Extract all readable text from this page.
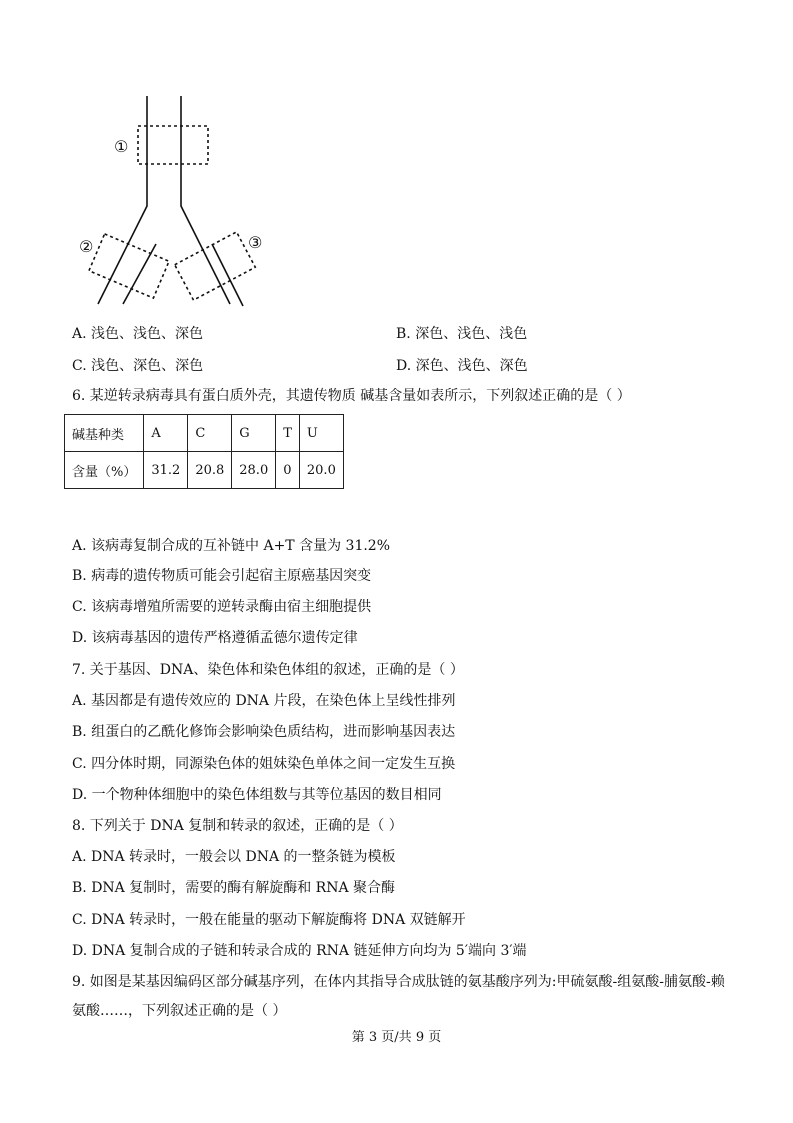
①
②	③
A. 浅色、浅色、深色	B. 深色、浅色、浅色
C. 浅色、深色、深色	D. 深色、浅色、深色
6. 某逆转录病毒具有蛋白质外壳，其遗传物质 碱基含量如表所示，下列叙述正确的是（ ）
碱基种类	A	C	G	T	U
含量（%）	31.2	20.8	28.0	0	20.0
A. 该病毒复制合成的互补链中 A+T 含量为 31.2%
B. 病毒的遗传物质可能会引起宿主原癌基因突变
C. 该病毒增殖所需要的逆转录酶由宿主细胞提供
D. 该病毒基因的遗传严格遵循孟德尔遗传定律
7. 关于基因、DNA、染色体和染色体组的叙述，正确的是（ ）
A. 基因都是有遗传效应的 DNA 片段，在染色体上呈线性排列
B. 组蛋白的乙酰化修饰会影响染色质结构，进而影响基因表达
C. 四分体时期，同源染色体的姐妹染色单体之间一定发生互换
D. 一个物种体细胞中的染色体组数与其等位基因的数目相同
8. 下列关于 DNA 复制和转录的叙述，正确的是（ ）
A. DNA 转录时，一般会以 DNA 的一整条链为模板
B. DNA 复制时，需要的酶有解旋酶和 RNA 聚合酶
C. DNA 转录时，一般在能量的驱动下解旋酶将 DNA 双链解开
D. DNA 复制合成的子链和转录合成的 RNA 链延伸方向均为 5′端向 3′端
9. 如图是某基因编码区部分碱基序列，在体内其指导合成肽链的氨基酸序列为:甲硫氨酸-组氨酸-脯氨酸-赖
氨酸……，下列叙述正确的是（ ）
第 3 页/共 9 页
